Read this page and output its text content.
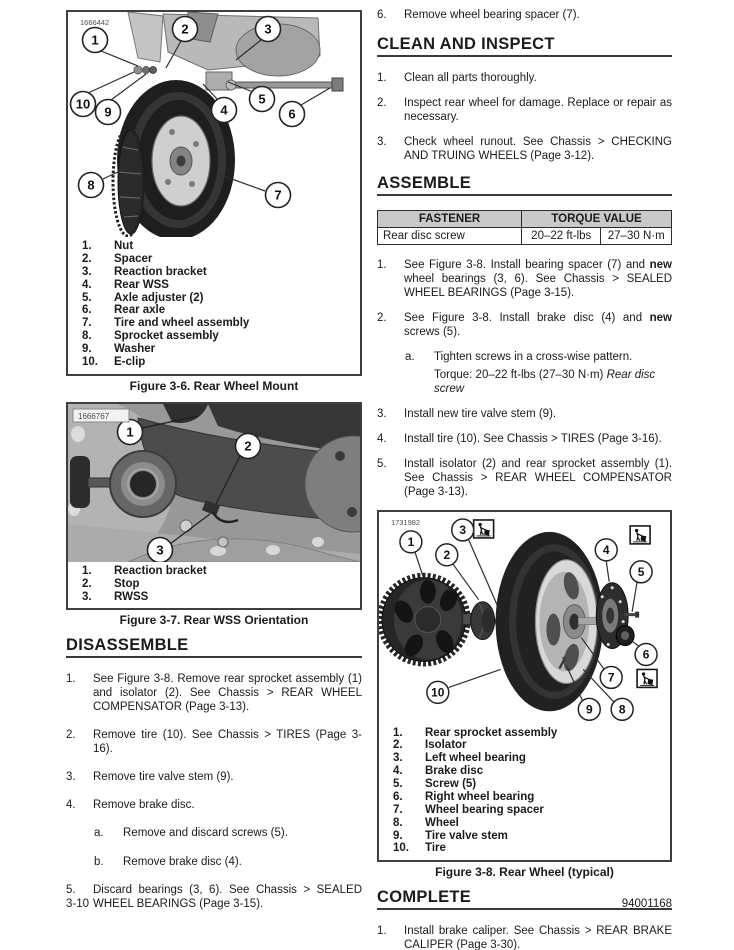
1
2	3
10
9	4
5
6
8
7
1666442
1.	Nut
2.	Spacer
3.	Reaction bracket
4.	Rear WSS
5.	Axle adjuster (2)
6.	Rear axle
7.	Tire and wheel assembly
8.	Sprocket assembly
9.	Washer
10.	E-clip
Figure 3-6. Rear Wheel Mount
1
2
3
1666767
1.	Reaction bracket
2.	Stop
3.	RWSS
Figure 3-7. Rear WSS Orientation
DISASSEMBLE
1.	See Figure 3-8. Remove rear sprocket assembly (1) and isolator (2). See Chassis > REAR WHEEL COMPENSATOR (Page 3-13).
2.	Remove tire (10). See Chassis > TIRES (Page 3-16).
3.	Remove tire valve stem (9).
4.	Remove brake disc.
a.	Remove and discard screws (5).
b.	Remove brake disc (4).
5.	Discard bearings (3, 6). See Chassis > SEALED WHEEL BEARINGS (Page 3-15).
6.	Remove wheel bearing spacer (7).
CLEAN AND INSPECT
1.	Clean all parts thoroughly.
2.	Inspect rear wheel for damage. Replace or repair as necessary.
3.	Check wheel runout. See Chassis > CHECKING AND TRUING WHEELS (Page 3-12).
ASSEMBLE
FASTENER	TORQUE VALUE	
Rear disc screw	20–22 ft-lbs	27–30 N·m
1.	See Figure 3-8. Install bearing spacer (7) and new wheel bearings (3, 6). See Chassis > SEALED WHEEL BEARINGS (Page 3-15).
2.	See Figure 3-8. Install brake disc (4) and new screws (5).
a.	Tighten screws in a cross-wise pattern.
Torque: 20–22 ft-lbs (27–30 N·m) Rear disc screw
3.	Install new tire valve stem (9).
4.	Install tire (10). See Chassis > TIRES (Page 3-16).
5.	Install isolator (2) and rear sprocket assembly (1). See Chassis > REAR WHEEL COMPENSATOR (Page 3-13).
1
2
3
4
5
6
7
8
9
10
1731982
1.	Rear sprocket assembly
2.	Isolator
3.	Left wheel bearing
4.	Brake disc
5.	Screw (5)
6.	Right wheel bearing
7.	Wheel bearing spacer
8.	Wheel
9.	Tire valve stem
10.	Tire
Figure 3-8. Rear Wheel (typical)
COMPLETE
1.	Install brake caliper. See Chassis > REAR BRAKE CALIPER (Page 3-30).
3-10	94001168
